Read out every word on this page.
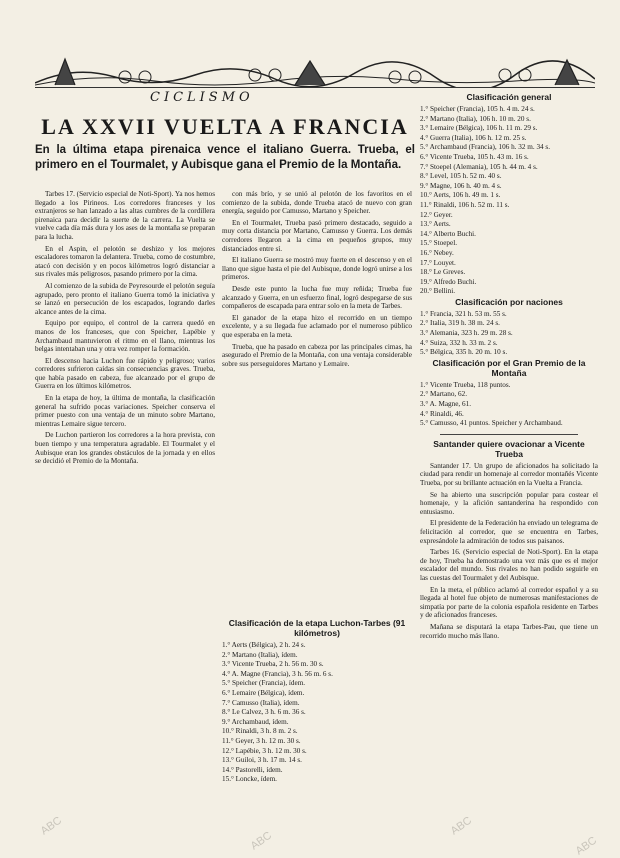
CICLISMO
LA XXVII VUELTA A FRANCIA
En la última etapa pirenaica vence el italiano Guerra. Trueba, el primero en el Tourmalet, y Aubisque gana el Premio de la Montaña.

Tarbes 17. (Servicio especial de Noti-Sport). Ya nos hemos llegado a los Pirineos. Los corredores franceses y los extranjeros se han lanzado a las altas cumbres de la cordillera pirenaica para decidir la suerte de la carrera. La Vuelta se vuelve cada día más dura y los ases de la montaña se preparan para la lucha.

En el Aspin, el pelotón se deshizo y los mejores escaladores tomaron la delantera. Trueba, como de costumbre, atacó con decisión y en pocos kilómetros logró distanciar a sus rivales más peligrosos, pasando primero por la cima.

Al comienzo de la subida de Peyresourde el pelotón seguía agrupado, pero pronto el italiano Guerra tomó la iniciativa y se lanzó en persecución de los escapados, logrando darles alcance antes de la cima.

Equipo por equipo, el control de la carrera quedó en manos de los franceses, que con Speicher, Lapébie y Archambaud mantuvieron el ritmo en el llano, mientras los belgas intentaban una y otra vez romper la formación.

El descenso hacia Luchon fue rápido y peligroso; varios corredores sufrieron caídas sin consecuencias graves. Trueba, que había pasado en cabeza, fue alcanzado por el grupo de Guerra en los últimos kilómetros.

En la etapa de hoy, la última de montaña, la clasificación general ha sufrido pocas variaciones. Speicher conserva el primer puesto con una ventaja de un minuto sobre Martano, mientras Lemaire sigue tercero.

De Luchon partieron los corredores a la hora prevista, con buen tiempo y una temperatura agradable. El Tourmalet y el Aubisque eran los grandes obstáculos de la jornada y en ellos se decidió el Premio de la Montaña.

con más brío, y se unió al pelotón de los favoritos en el comienzo de la subida, donde Trueba atacó de nuevo con gran energía, seguido por Camusso, Martano y Speicher.

En el Tourmalet, Trueba pasó primero destacado, seguido a muy corta distancia por Martano, Camusso y Guerra. Los demás corredores llegaron a la cima en pequeños grupos, muy distanciados entre sí.

El italiano Guerra se mostró muy fuerte en el descenso y en el llano que sigue hasta el pie del Aubisque, donde logró unirse a los primeros.

Desde este punto la lucha fue muy reñida; Trueba fue alcanzado y Guerra, en un esfuerzo final, logró despegarse de sus compañeros de escapada para entrar solo en la meta de Tarbes.

El ganador de la etapa hizo el recorrido en un tiempo excelente, y a su llegada fue aclamado por el numeroso público que esperaba en la meta.

Trueba, que ha pasado en cabeza por las principales cimas, ha asegurado el Premio de la Montaña, con una ventaja considerable sobre sus perseguidores Martano y Lemaire.

Clasificación de la etapa Luchon-Tarbes (91 kilómetros)

1.° Aerts (Bélgica), 2 h. 24 s.

2.° Martano (Italia), ídem.

3.° Vicente Trueba, 2 h. 56 m. 30 s.

4.° A. Magne (Francia), 3 h. 56 m. 6 s.

5.° Speicher (Francia), ídem.

6.° Lemaire (Bélgica), ídem.

7.° Camusso (Italia), ídem.

8.° Le Calvez, 3 h. 6 m. 36 s.

9.° Archambaud, ídem.

10.° Rinaldi, 3 h. 8 m. 2 s.

11.° Geyer, 3 h. 12 m. 30 s.

12.° Lapébie, 3 h. 12 m. 30 s.

13.° Guiloi, 3 h. 17 m. 14 s.

14.° Pastorelli, ídem.

15.° Loncke, ídem.

Clasificación general

1.° Speicher (Francia), 105 h. 4 m. 24 s.

2.° Martano (Italia), 106 h. 10 m. 20 s.

3.° Lemaire (Bélgica), 106 h. 11 m. 29 s.

4.° Guerra (Italia), 106 h. 12 m. 25 s.

5.° Archambaud (Francia), 106 h. 32 m. 34 s.

6.° Vicente Trueba, 105 h. 43 m. 16 s.

7.° Stoepel (Alemania), 105 h. 44 m. 4 s.

8.° Level, 105 h. 52 m. 40 s.

9.° Magne, 106 h. 40 m. 4 s.

10.° Aerts, 106 h. 49 m. 1 s.

11.° Rinaldi, 106 h. 52 m. 11 s.

12.° Geyer.

13.° Aerts.

14.° Alberto Buchi.

15.° Stoepel.

16.° Nebey.

17.° Louyet.

18.° Le Greves.

19.° Alfredo Buchi.

20.° Bellini.

Clasificación por naciones

1.° Francia, 321 h. 53 m. 55 s.

2.° Italia, 319 h. 38 m. 24 s.

3.° Alemania, 323 h. 29 m. 28 s.

4.° Suiza, 332 h. 33 m. 2 s.

5.° Bélgica, 335 h. 20 m. 10 s.

Clasificación por el Gran Premio de la Montaña

1.° Vicente Trueba, 118 puntos.

2.° Martano, 62.

3.° A. Magne, 61.

4.° Rinaldi, 46.

5.° Camusso, 41 puntos. Speicher y Archambaud.

Santander quiere ovacionar a Vicente Trueba

Santander 17. Un grupo de aficionados ha solicitado la ciudad para rendir un homenaje al corredor montañés Vicente Trueba, por su brillante actuación en la Vuelta a Francia.

Se ha abierto una suscripción popular para costear el homenaje, y la afición santanderina ha respondido con entusiasmo.

El presidente de la Federación ha enviado un telegrama de felicitación al corredor, que se encuentra en Tarbes, expresándole la admiración de todos sus paisanos.

Tarbes 16. (Servicio especial de Noti-Sport). En la etapa de hoy, Trueba ha demostrado una vez más que es el mejor escalador del mundo. Sus rivales no han podido seguirle en las cuestas del Tourmalet y del Aubisque.

En la meta, el público aclamó al corredor español y a su llegada al hotel fue objeto de numerosas manifestaciones de simpatía por parte de la colonia española residente en Tarbes y de aficionados franceses.

Mañana se disputará la etapa Tarbes-Pau, que tiene un recorrido mucho más llano.

ABC
ABC
ABC
ABC
